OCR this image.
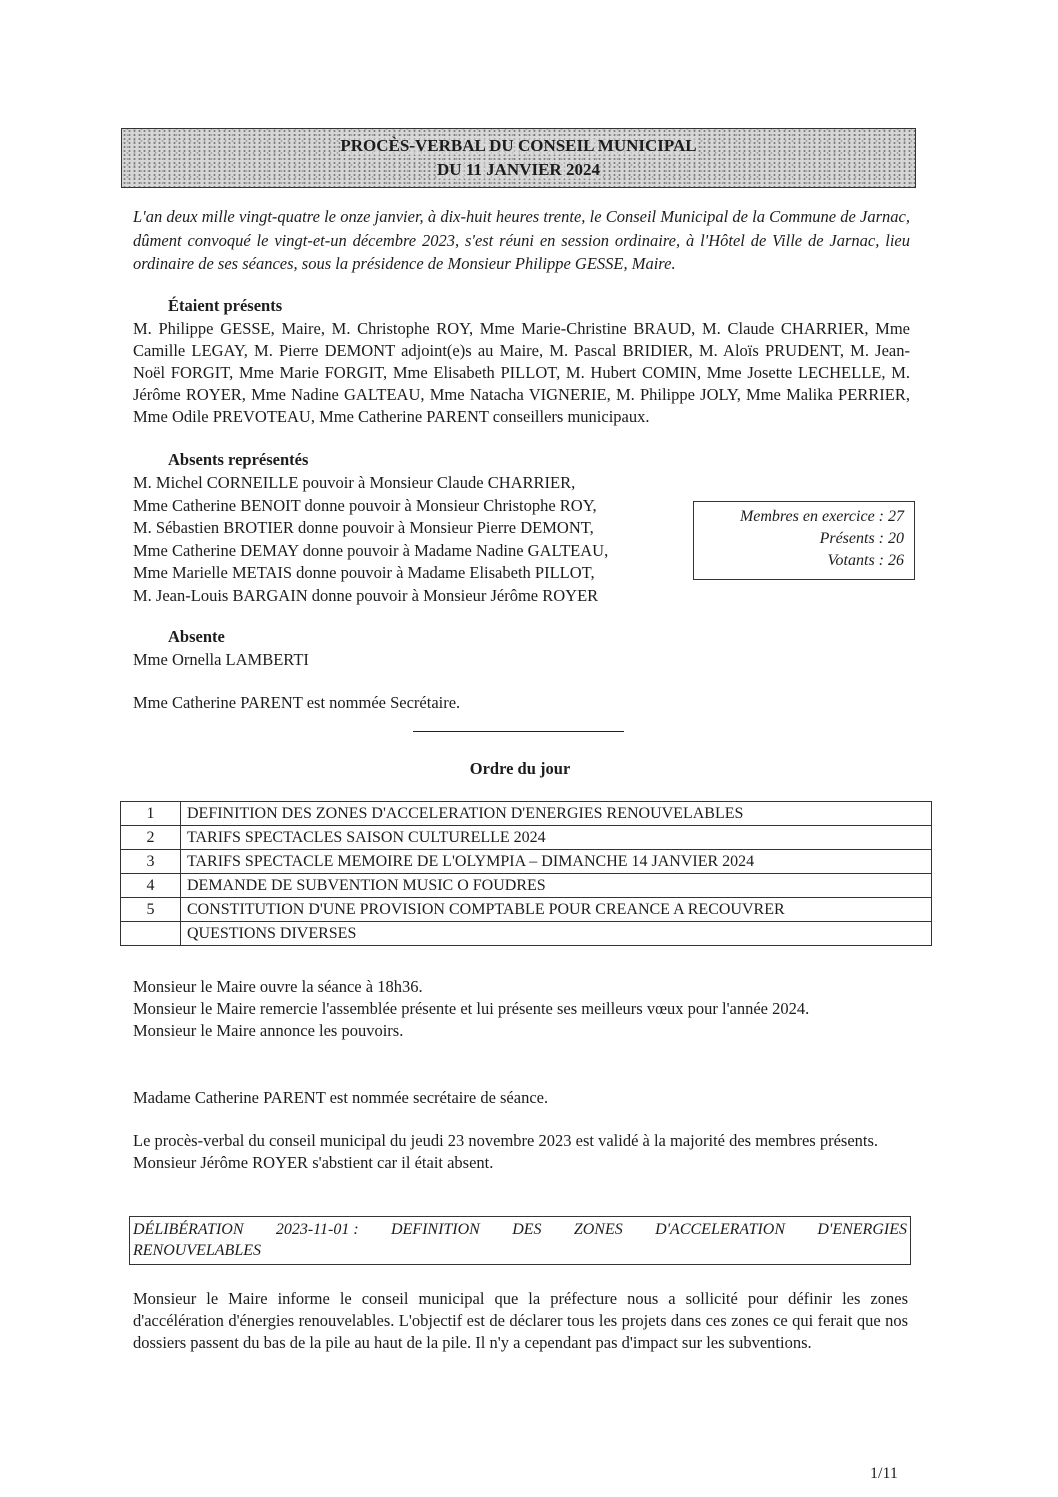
PROCÈS-VERBAL DU CONSEIL MUNICIPAL
DU 11 JANVIER 2024
L'an deux mille vingt-quatre le onze janvier, à dix-huit heures trente, le Conseil Municipal de la Commune de Jarnac, dûment convoqué le vingt-et-un décembre 2023, s'est réuni en session ordinaire, à l'Hôtel de Ville de Jarnac, lieu ordinaire de ses séances, sous la présidence de Monsieur Philippe GESSE, Maire.
Étaient présents
M. Philippe GESSE, Maire, M. Christophe ROY, Mme Marie-Christine BRAUD, M. Claude CHARRIER, Mme Camille LEGAY, M. Pierre DEMONT adjoint(e)s au Maire, M. Pascal BRIDIER, M. Aloïs PRUDENT, M. Jean-Noël FORGIT, Mme Marie FORGIT, Mme Elisabeth PILLOT, M. Hubert COMIN, Mme Josette LECHELLE, M. Jérôme ROYER, Mme Nadine GALTEAU, Mme Natacha VIGNERIE, M. Philippe JOLY, Mme Malika PERRIER, Mme Odile PREVOTEAU, Mme Catherine PARENT conseillers municipaux.
Absents représentés
M. Michel CORNEILLE pouvoir à Monsieur Claude CHARRIER,
Mme Catherine BENOIT donne pouvoir à Monsieur Christophe ROY,
M. Sébastien BROTIER donne pouvoir à Monsieur Pierre DEMONT,
Mme Catherine DEMAY donne pouvoir à Madame Nadine GALTEAU,
Mme Marielle METAIS donne pouvoir à Madame Elisabeth PILLOT,
M. Jean-Louis BARGAIN donne pouvoir à Monsieur Jérôme ROYER
Membres en exercice : 27
Présents : 20
Votants : 26
Absente
Mme Ornella LAMBERTI
Mme Catherine PARENT est nommée Secrétaire.
Ordre du jour
1	DEFINITION DES ZONES D'ACCELERATION D'ENERGIES RENOUVELABLES
2	TARIFS SPECTACLES SAISON CULTURELLE 2024
3	TARIFS SPECTACLE MEMOIRE DE L'OLYMPIA – DIMANCHE 14 JANVIER 2024
4	DEMANDE DE SUBVENTION MUSIC O FOUDRES
5	CONSTITUTION D'UNE PROVISION COMPTABLE POUR CREANCE A RECOUVRER
	QUESTIONS DIVERSES
Monsieur le Maire ouvre la séance à 18h36.
Monsieur le Maire remercie l'assemblée présente et lui présente ses meilleurs vœux pour l'année 2024.
Monsieur le Maire annonce les pouvoirs.
Madame Catherine PARENT est nommée secrétaire de séance.
Le procès-verbal du conseil municipal du jeudi 23 novembre 2023 est validé à la majorité des membres présents.
Monsieur Jérôme ROYER s'abstient car il était absent.
DÉLIBÉRATION 2023-11-01 : DEFINITION DES ZONES D'ACCELERATION D'ENERGIES
RENOUVELABLES
Monsieur le Maire informe le conseil municipal que la préfecture nous a sollicité pour définir les zones d'accélération d'énergies renouvelables. L'objectif est de déclarer tous les projets dans ces zones ce qui ferait que nos dossiers passent du bas de la pile au haut de la pile. Il n'y a cependant pas d'impact sur les subventions.
1/11
